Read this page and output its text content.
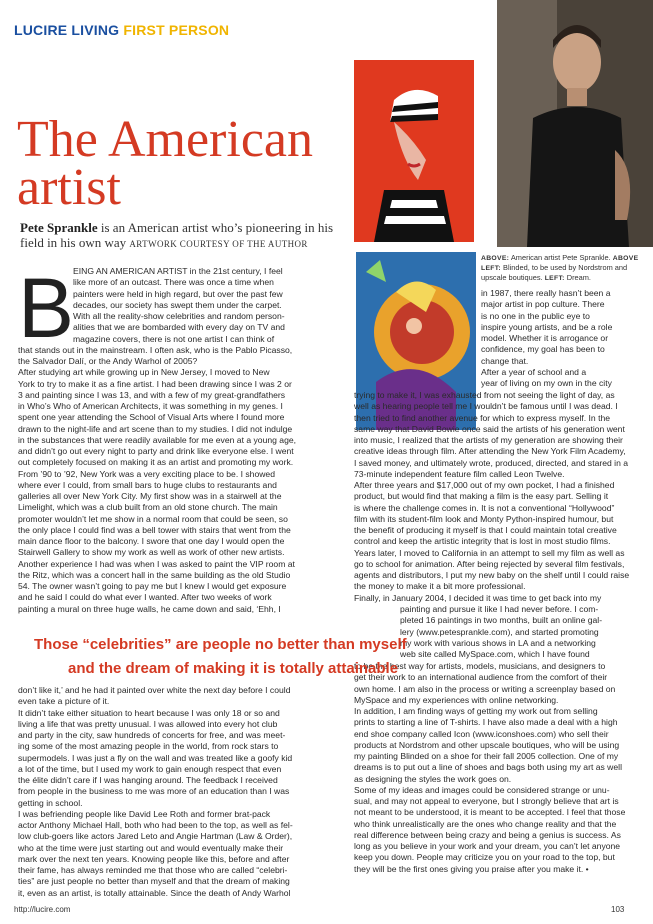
LUCIRE LIVING FIRST PERSON
The American
artist
Pete Sprankle is an American artist who’s pioneering in his field in his own way ARTWORK COURTESY OF THE AUTHOR
ABOVE: American artist Pete Sprankle. ABOVE LEFT: Blinded, to be used by Nordstrom and upscale boutiques. LEFT: Dream.
B
EING AN AMERICAN ARTIST in the 21st century, I feel
like more of an outcast. There was once a time when
painters were held in high regard, but over the past few
decades, our society has swept them under the carpet.
With all the reality-show celebrities and random person-
alities that we are bombarded with every day on TV and
magazine covers, there is not one artist I can think of
that stands out in the mainstream. I often ask, who is the Pablo Picasso,
the Salvador Dalí, or the Andy Warhol of 2005?
After studying art while growing up in New Jersey, I moved to New
York to try to make it as a fine artist. I had been drawing since I was 2 or
3 and painting since I was 13, and with a few of my great-grandfathers
in Who’s Who of American Architects, it was something in my genes. I
spent one year attending the School of Visual Arts where I found more
drawn to the night-life and art scene than to my studies. I did not indulge
in the substances that were readily available for me even at a young age,
and didn’t go out every night to party and drink like everyone else. I went
out completely focused on making it as an artist and promoting my work.
From ’90 to ’92, New York was a very exciting place to be. I showed
where ever I could, from small bars to huge clubs to restaurants and
galleries all over New York City. My first show was in a stairwell at the
Limelight, which was a club built from an old stone church. The main
promoter wouldn’t let me show in a normal room that could be seen, so
the only place I could find was a bell tower with stairs that went from the
main dance floor to the balcony. I swore that one day I would open the
Stairwell Gallery to show my work as well as work of other new artists.
Another experience I had was when I was asked to paint the VIP room at
the Ritz, which was a concert hall in the same building as the old Studio
54. The owner wasn’t going to pay me but I knew I would get exposure
and he said I could do what ever I wanted. After two weeks of work
painting a mural on three huge walls, he came down and said, ‘Ehh, I
don’t like it,’ and he had it painted over white the next day before I could
even take a picture of it.
It didn’t take either situation to heart because I was only 18 or so and
living a life that was pretty unusual. I was allowed into every hot club
and party in the city, saw hundreds of concerts for free, and was meet-
ing some of the most amazing people in the world, from rock stars to
supermodels. I was just a fly on the wall and was treated like a goofy kid
a lot of the time, but I used my work to gain enough respect that even
the élite didn’t care if I was hanging around. The feedback I received
from people in the business to me was more of an education than I was
getting in school.
I was befriending people like David Lee Roth and former brat-pack
actor Anthony Michael Hall, both who had been to the top, as well as fel-
low club-goers like actors Jared Leto and Angie Hartman (Law & Order),
who at the time were just starting out and would eventually make their
mark over the next ten years. Knowing people like this, before and after
their fame, has always reminded me that those who are called “celebri-
ties” are just people no better than myself and that the dream of making
it, even as an artist, is totally attainable. Since the death of Andy Warhol
in 1987, there really hasn’t been a
major artist in pop culture. There
is no one in the public eye to
inspire young artists, and be a role
model. Whether it is arrogance or
confidence, my goal has been to
change that.
After a year of school and a
year of living on my own in the city
trying to make it, I was exhausted from not seeing the light of day, as
well as hearing people tell me I wouldn’t be famous until I was dead. I
then tried to find another avenue for which to express myself. In the
same way that David Bowie once said the artists of his generation went
into music, I realized that the artists of my generation are showing their
creative ideas through film. After attending the New York Film Academy,
I saved money, and ultimately wrote, produced, directed, and stared in a
73-minute independent feature film called Leon Twelve.
After three years and $17,000 out of my own pocket, I had a finished
product, but would find that making a film is the easy part. Selling it
is where the challenge comes in. It is not a conventional “Hollywood”
film with its student-film look and Monty Python-inspired humour, but
the benefit of producing it myself is that I could maintain total creative
control and keep the artistic integrity that is lost in most studio films.
Years later, I moved to California in an attempt to sell my film as well as
go to school for animation. After being rejected by several film festivals,
agents and distributors, I put my new baby on the shelf until I could raise
the money to make it a bit more professional.
Finally, in January 2004, I decided it was time to get back into my
painting and pursue it like I had never before. I com-
pleted 16 paintings in two months, built an online gal-
lery (www.petesprankle.com), and started promoting
my work with various shows in LA and a networking
web site called MySpace.com, which I have found
to be the best way for artists, models, musicians, and designers to
get their work to an international audience from the comfort of their
own home. I am also in the process or writing a screenplay based on
MySpace and my experiences with online networking.
In addition, I am finding ways of getting my work out from selling
prints to starting a line of T-shirts. I have also made a deal with a high
end shoe company called Icon (www.iconshoes.com) who sell their
products at Nordstrom and other upscale boutiques, who will be using
my painting Blinded on a shoe for their fall 2005 collection. One of my
dreams is to put out a line of shoes and bags both using my art as well
as designing the styles the work goes on.
Some of my ideas and images could be considered strange or unu-
sual, and may not appeal to everyone, but I strongly believe that art is
not meant to be understood, it is meant to be accepted. I feel that those
who think unrealistically are the ones who change reality and that the
real difference between being crazy and being a genius is success. As
long as you believe in your work and your dream, you can’t let anyone
keep you down. People may criticize you on your road to the top, but
they will be the first ones giving you praise after you make it. •
Those “celebrities” are people no better than myself
and the dream of making it is totally attainable
http://lucire.com	103
